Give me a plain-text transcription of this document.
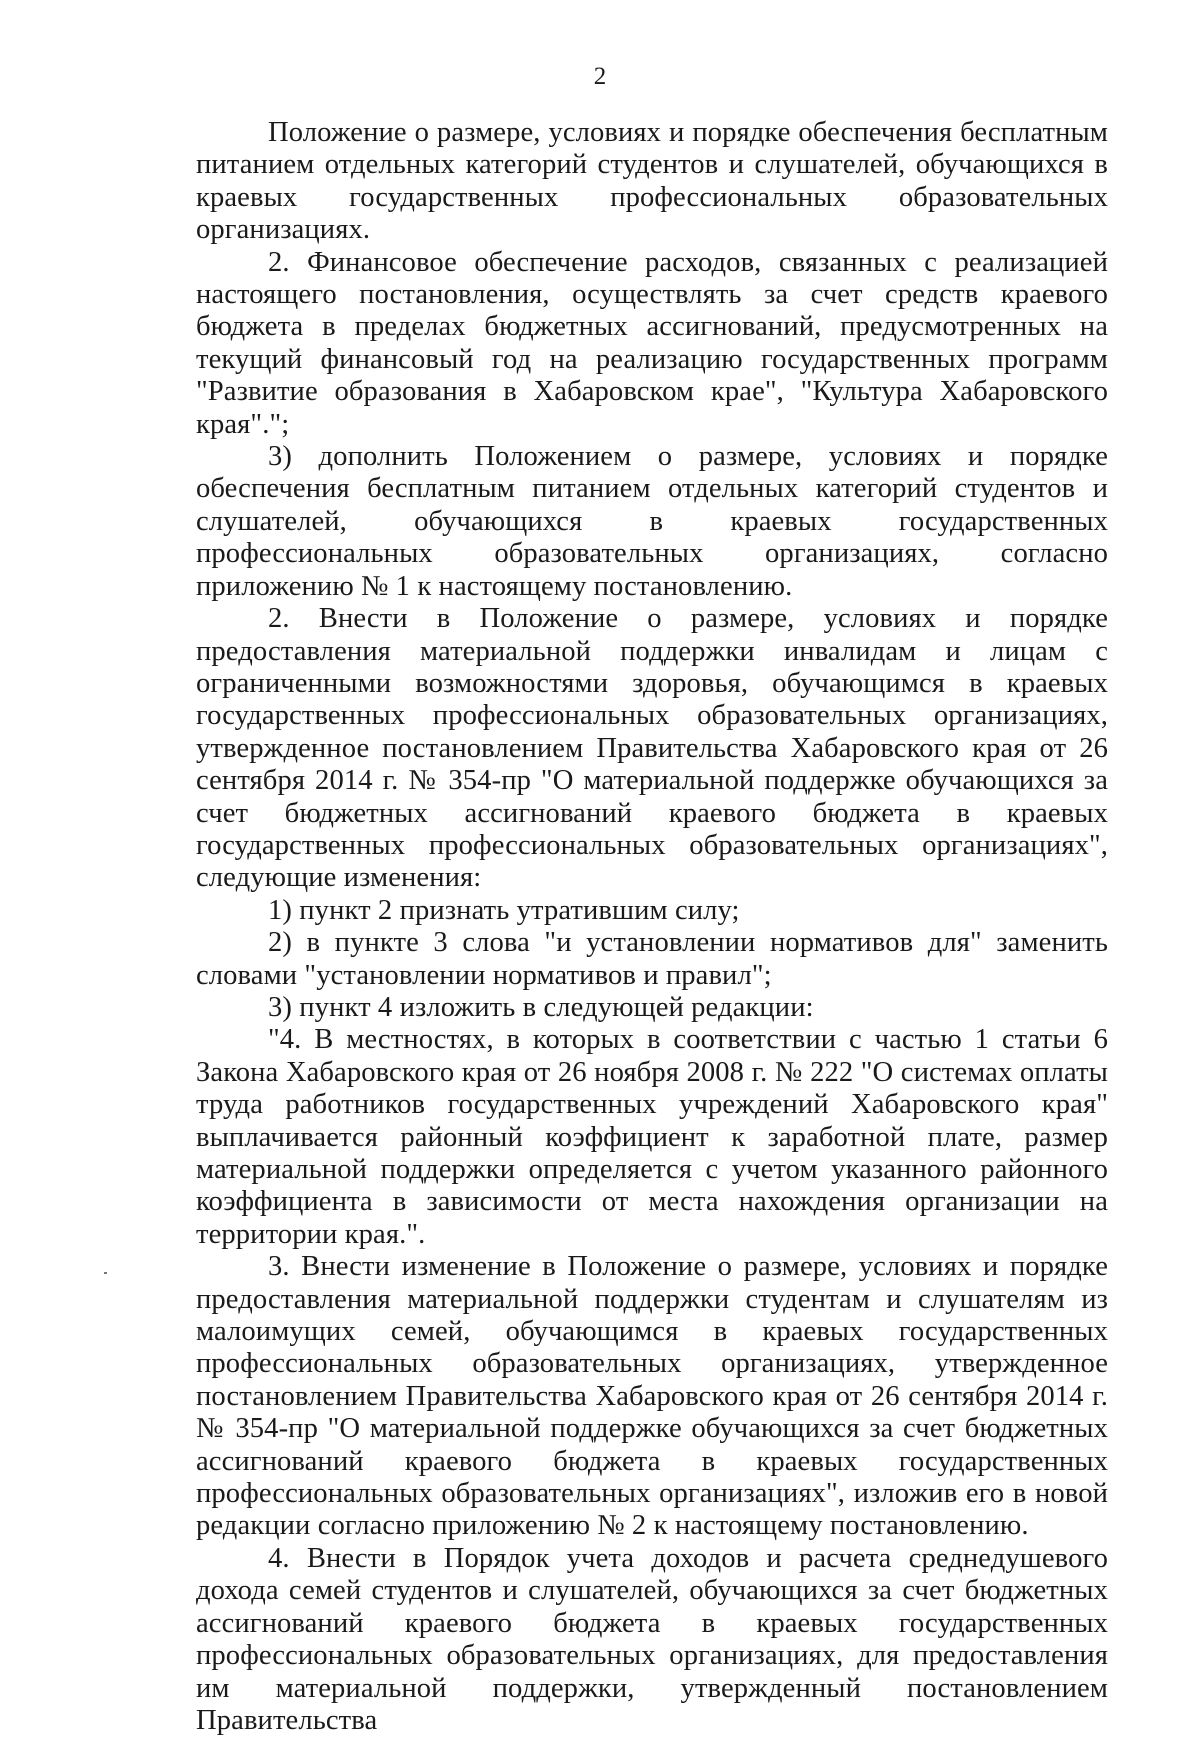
2

Положение о размере, условиях и порядке обеспечения бесплатным питанием отдельных категорий студентов и слушателей, обучающихся в краевых государственных профессиональных образовательных организациях.

2. Финансовое обеспечение расходов, связанных с реализацией настоящего постановления, осуществлять за счет средств краевого бюджета в пределах бюджетных ассигнований, предусмотренных на текущий финансовый год на реализацию государственных программ "Развитие образования в Хабаровском крае", "Культура Хабаровского края".";

3) дополнить Положением о размере, условиях и порядке обеспечения бесплатным питанием отдельных категорий студентов и слушателей, обучающихся в краевых государственных профессиональных образовательных организациях, согласно приложению № 1 к настоящему постановлению.

2. Внести в Положение о размере, условиях и порядке предоставления материальной поддержки инвалидам и лицам с ограниченными возможностями здоровья, обучающимся в краевых государственных профессиональных образовательных организациях, утвержденное постановлением Правительства Хабаровского края от 26 сентября 2014 г. № 354-пр "О материальной поддержке обучающихся за счет бюджетных ассигнований краевого бюджета в краевых государственных профессиональных образовательных организациях", следующие изменения:

1) пункт 2 признать утратившим силу;

2) в пункте 3 слова "и установлении нормативов для" заменить словами "установлении нормативов и правил";

3) пункт 4 изложить в следующей редакции:

"4. В местностях, в которых в соответствии с частью 1 статьи 6 Закона Хабаровского края от 26 ноября 2008 г. № 222 "О системах оплаты труда работников государственных учреждений Хабаровского края" выплачивается районный коэффициент к заработной плате, размер материальной поддержки определяется с учетом указанного районного коэффициента в зависимости от места нахождения организации на территории края.".

3. Внести изменение в Положение о размере, условиях и порядке предоставления материальной поддержки студентам и слушателям из малоимущих семей, обучающимся в краевых государственных профессиональных образовательных организациях, утвержденное постановлением Правительства Хабаровского края от 26 сентября 2014 г. № 354-пр "О материальной поддержке обучающихся за счет бюджетных ассигнований краевого бюджета в краевых государственных профессиональных образовательных организациях", изложив его в новой редакции согласно приложению № 2 к настоящему постановлению.

4. Внести в Порядок учета доходов и расчета среднедушевого дохода семей студентов и слушателей, обучающихся за счет бюджетных ассигнований краевого бюджета в краевых государственных профессиональных образовательных организациях, для предоставления им материальной поддержки, утвержденный постановлением Правительства
